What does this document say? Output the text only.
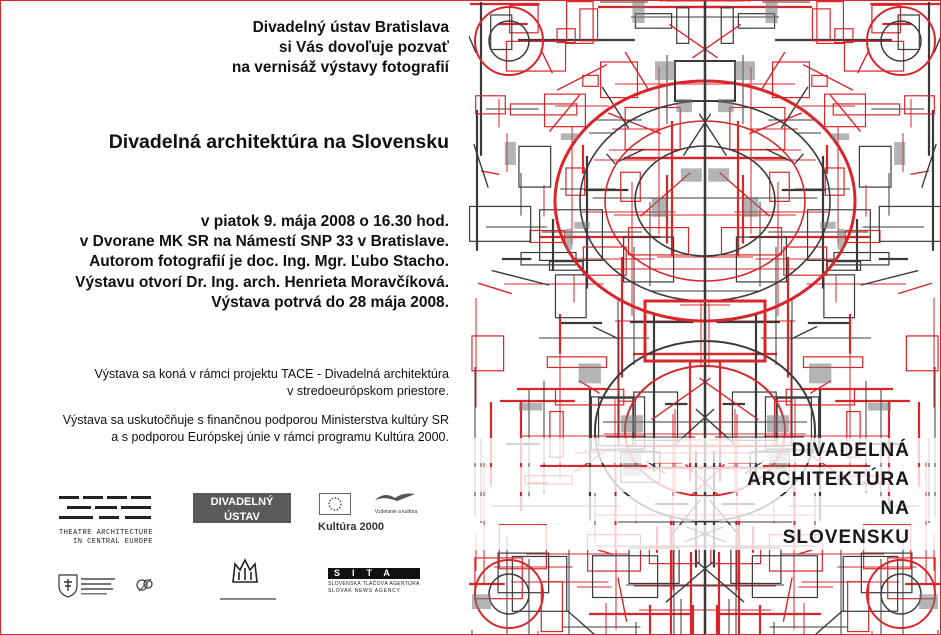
Divadelný ústav Bratislava
si Vás dovoľuje pozvať
na vernisáž výstavy fotografií
Divadelná architektúra na Slovensku
v piatok 9. mája 2008 o 16.30 hod.
v Dvorane MK SR na Námestí SNP 33 v Bratislave.
Autorom fotografií je doc. Ing. Mgr. Ľubo Stacho.
Výstavu otvorí Dr. Ing. arch. Henrieta Moravčíková.
Výstava potrvá do 28 mája 2008.

Výstava sa koná v rámci projektu TACE - Divadelná architektúra
v stredoeurópskom priestore.

Výstava sa uskutočňuje s finančnou podporou Ministerstva kultúry SR
a s podporou Európskej únie v rámci programu Kultúra 2000.

THEATRE ARCHITECTURE
IN CENTRAL EUROPE
DIVADELNÝ ÚSTAV
BRATISLAVA
Vzdelanie a kultúra
Kultúra 2000
SITA
SLOVENSKÁ TLAČOVÁ AGENTÚRA
SLOVAK NEWS AGENCY
DIVADELNÁ
ARCHITEKTÚRA
NA
SLOVENSKU
